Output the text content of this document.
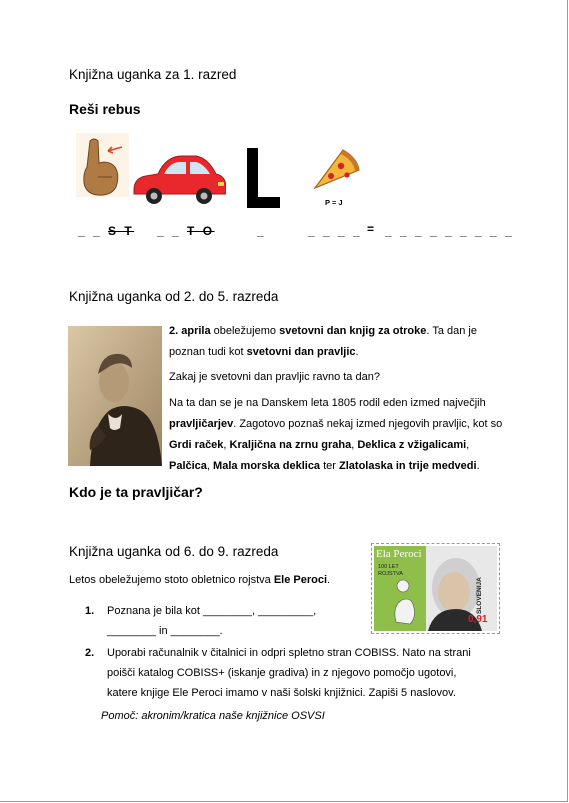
Knjižna uganka za 1. razred
Reši rebus
P = J
_ _ S T _ _ T O	_	_ _ _ _ = _ _ _ _ _ _ _ _ _
Knjižna uganka od 2. do 5. razreda
2. aprila obeležujemo svetovni dan knjig za otroke. Ta dan je poznan tudi kot svetovni dan pravljic.
Zakaj je svetovni dan pravljic ravno ta dan?
Na ta dan se je na Danskem leta 1805 rodil eden izmed največjih pravljičarjev. Zagotovo poznaš nekaj izmed njegovih pravljic, kot so Grdi raček, Kraljična na zrnu graha, Deklica z vžigalicami, Palčica, Mala morska deklica ter Zlatolaska in trije medvedi.
Kdo je ta pravljičar?
Knjižna uganka od 6. do 9. razreda
Letos obeležujemo stoto obletnico rojstva Ele Peroci.
1. Poznana je bila kot ________, _________,
________ in ________.
2. Uporabi računalnik v čitalnici in odpri spletno stran COBISS. Nato na strani
poišči katalog COBISS+ (iskanje gradiva) in z njegovo pomočjo ugotovi,
katere knjige Ele Peroci imamo v naši šolski knjižnici. Zapiši 5 naslovov.
Pomoč: akronim/kratica naše knjižnice OSVSI
Ela Peroci
100 LET
ROJSTVA
SLOVENIJA
0,91
